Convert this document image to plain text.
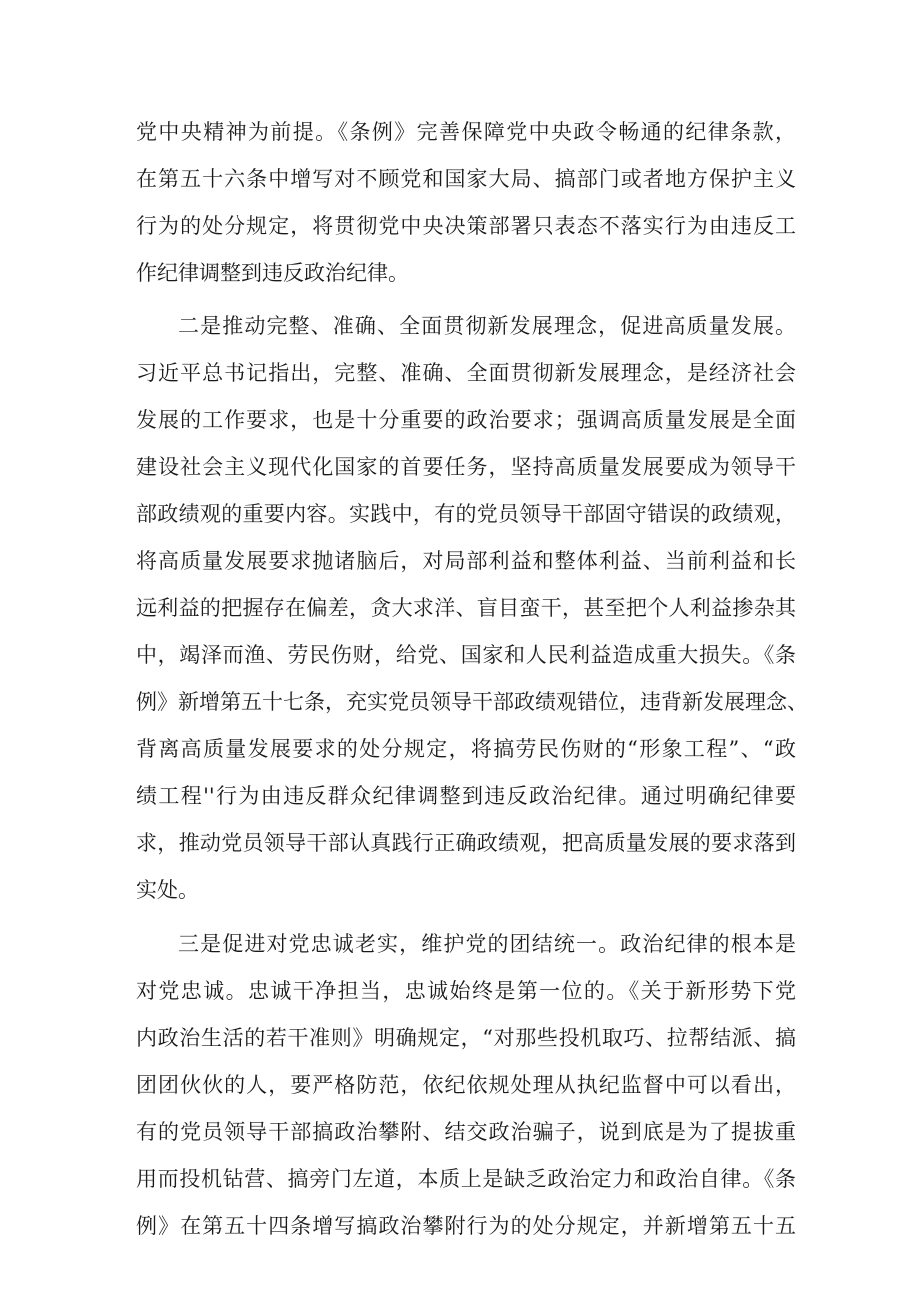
党中央精神为前提。《条例》完善保障党中央政令畅通的纪律条款，
在第五十六条中增写对不顾党和国家大局、搞部门或者地方保护主义
行为的处分规定，将贯彻党中央决策部署只表态不落实行为由违反工
作纪律调整到违反政治纪律。
二是推动完整、准确、全面贯彻新发展理念，促进高质量发展。
习近平总书记指出，完整、准确、全面贯彻新发展理念，是经济社会
发展的工作要求，也是十分重要的政治要求；强调高质量发展是全面
建设社会主义现代化国家的首要任务，坚持高质量发展要成为领导干
部政绩观的重要内容。实践中，有的党员领导干部固守错误的政绩观，
将高质量发展要求抛诸脑后，对局部利益和整体利益、当前利益和长
远利益的把握存在偏差，贪大求洋、盲目蛮干，甚至把个人利益掺杂其
中，竭泽而渔、劳民伤财，给党、国家和人民利益造成重大损失。《条
例》新增第五十七条，充实党员领导干部政绩观错位，违背新发展理念、
背离高质量发展要求的处分规定，将搞劳民伤财的“形象工程”、“政
绩工程''行为由违反群众纪律调整到违反政治纪律。通过明确纪律要
求，推动党员领导干部认真践行正确政绩观，把高质量发展的要求落到
实处。
三是促进对党忠诚老实，维护党的团结统一。政治纪律的根本是
对党忠诚。忠诚干净担当，忠诚始终是第一位的。《关于新形势下党
内政治生活的若干准则》明确规定，“对那些投机取巧、拉帮结派、搞
团团伙伙的人，要严格防范，依纪依规处理从执纪监督中可以看出，
有的党员领导干部搞政治攀附、结交政治骗子，说到底是为了提拔重
用而投机钻营、搞旁门左道，本质上是缺乏政治定力和政治自律。《条
例》在第五十四条增写搞政治攀附行为的处分规定，并新增第五十五
